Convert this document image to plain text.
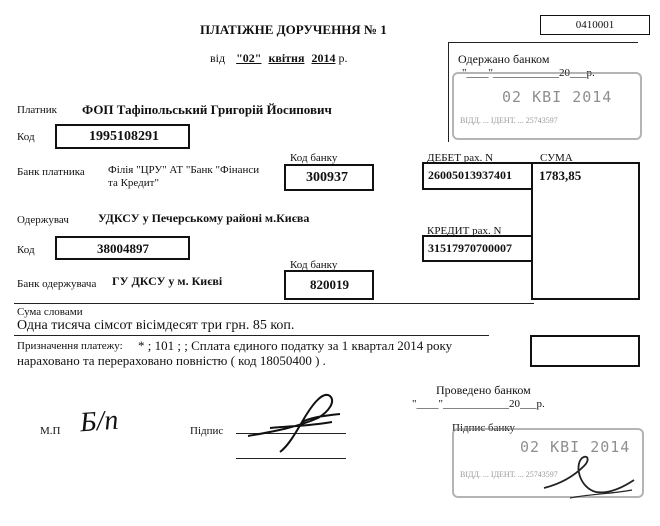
ПЛАТІЖНЕ ДОРУЧЕННЯ № 1	0410001
від "02" квітня 2014 р.	Одержано банком
"____"____________20___р.
02 КВІ 2014
ВІДД. ... ІДЕНТ. ... 25743597
Платник ФОП Тафіпольський Григорій Йосипович
Код	1995108291
Код банку
Банк платника Філія "ЦРУ" АТ "Банк "Фінанси
та Кредит"	300937
ДЕБЕТ рах. N	СУМА
26005013937401 1783,85
Одержувач УДКСУ у Печерському районі м.Києва
КРЕДИТ рах. N
31517970700007
Код	38004897
Код банку
Банк одержувача ГУ ДКСУ у м. Києві	820019
Сума словами
Одна тисяча сімсот вісімдесят три грн. 85 коп.
Призначення платежу: * ; 101 ; ; Сплата єдиного податку за 1 квартал 2014 року
нараховано та перераховано повністю ( код 18050400 ) .
Проведено банком
"____"____________20___р.
М.П Б/п	Підпис	Підпис банку
02 КВІ 2014
ВІДД. ... ІДЕНТ. ... 25743597
